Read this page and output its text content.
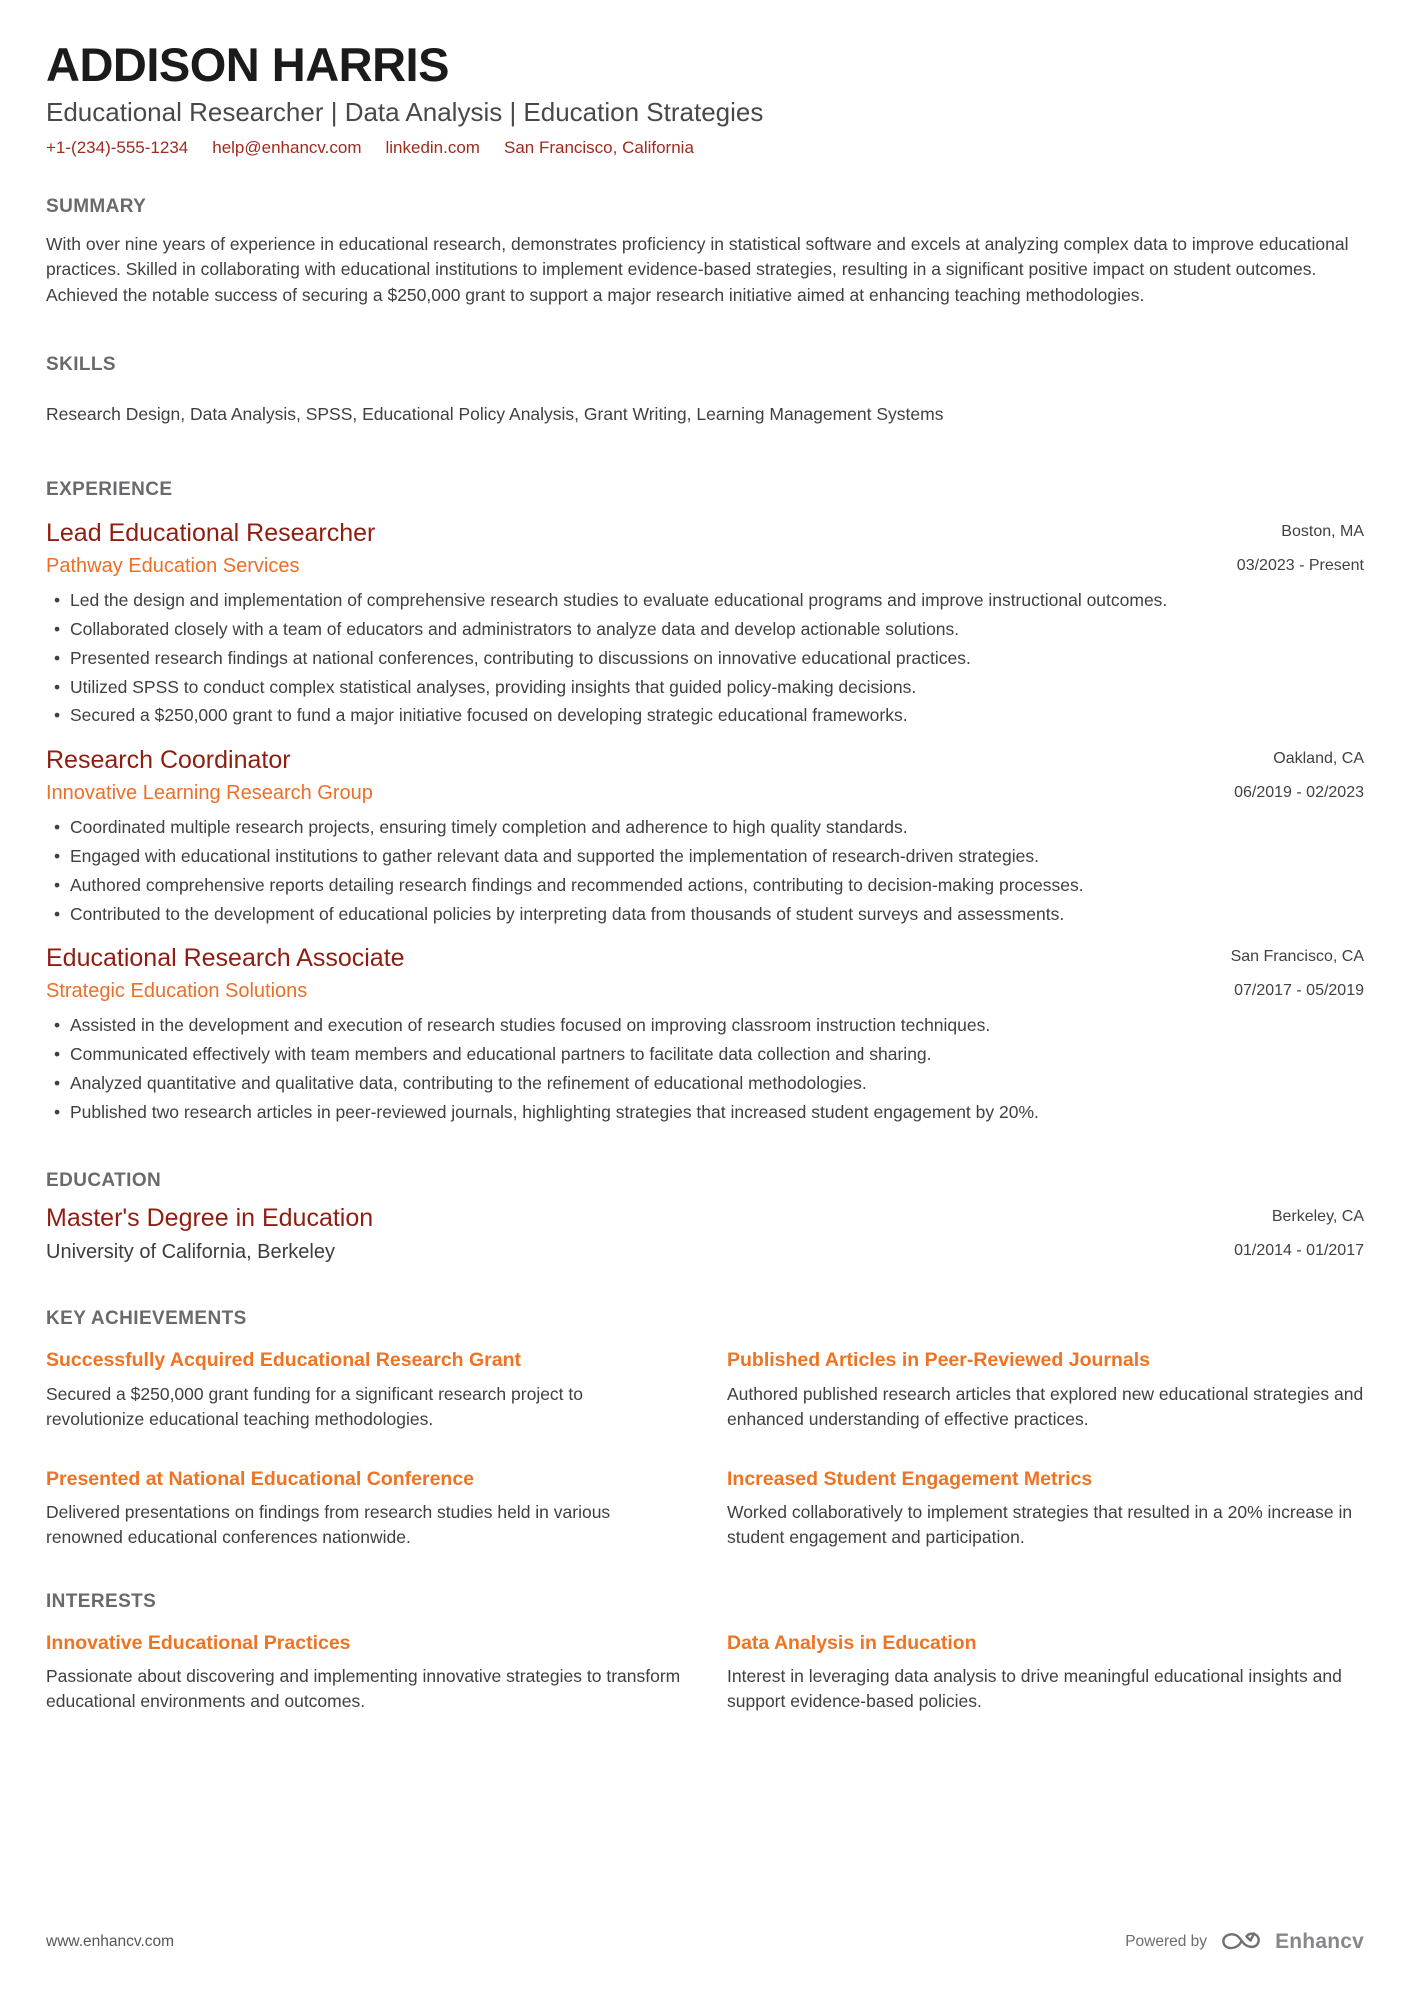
ADDISON HARRIS
Educational Researcher | Data Analysis | Education Strategies
+1-(234)-555-1234 help@enhancv.com linkedin.com San Francisco, California
SUMMARY
With over nine years of experience in educational research, demonstrates proficiency in statistical software and excels at analyzing complex data to improve educational practices. Skilled in collaborating with educational institutions to implement evidence-based strategies, resulting in a significant positive impact on student outcomes. Achieved the notable success of securing a $250,000 grant to support a major research initiative aimed at enhancing teaching methodologies.
SKILLS
Research Design, Data Analysis, SPSS, Educational Policy Analysis, Grant Writing, Learning Management Systems
EXPERIENCE
Lead Educational Researcher
Pathway Education Services
Boston, MA
03/2023 - Present
• Led the design and implementation of comprehensive research studies to evaluate educational programs and improve instructional outcomes.
• Collaborated closely with a team of educators and administrators to analyze data and develop actionable solutions.
• Presented research findings at national conferences, contributing to discussions on innovative educational practices.
• Utilized SPSS to conduct complex statistical analyses, providing insights that guided policy-making decisions.
• Secured a $250,000 grant to fund a major initiative focused on developing strategic educational frameworks.
Research Coordinator
Innovative Learning Research Group
Oakland, CA
06/2019 - 02/2023
• Coordinated multiple research projects, ensuring timely completion and adherence to high quality standards.
• Engaged with educational institutions to gather relevant data and supported the implementation of research-driven strategies.
• Authored comprehensive reports detailing research findings and recommended actions, contributing to decision-making processes.
• Contributed to the development of educational policies by interpreting data from thousands of student surveys and assessments.
Educational Research Associate
Strategic Education Solutions
San Francisco, CA
07/2017 - 05/2019
• Assisted in the development and execution of research studies focused on improving classroom instruction techniques.
• Communicated effectively with team members and educational partners to facilitate data collection and sharing.
• Analyzed quantitative and qualitative data, contributing to the refinement of educational methodologies.
• Published two research articles in peer-reviewed journals, highlighting strategies that increased student engagement by 20%.
EDUCATION
Master's Degree in Education
University of California, Berkeley
Berkeley, CA
01/2014 - 01/2017
KEY ACHIEVEMENTS
Successfully Acquired Educational Research Grant
Secured a $250,000 grant funding for a significant research project to revolutionize educational teaching methodologies.
Published Articles in Peer-Reviewed Journals
Authored published research articles that explored new educational strategies and enhanced understanding of effective practices.
Presented at National Educational Conference
Delivered presentations on findings from research studies held in various renowned educational conferences nationwide.
Increased Student Engagement Metrics
Worked collaboratively to implement strategies that resulted in a 20% increase in student engagement and participation.
INTERESTS
Innovative Educational Practices
Passionate about discovering and implementing innovative strategies to transform educational environments and outcomes.
Data Analysis in Education
Interest in leveraging data analysis to drive meaningful educational insights and support evidence-based policies.
www.enhancv.com	Powered by	Enhancv
